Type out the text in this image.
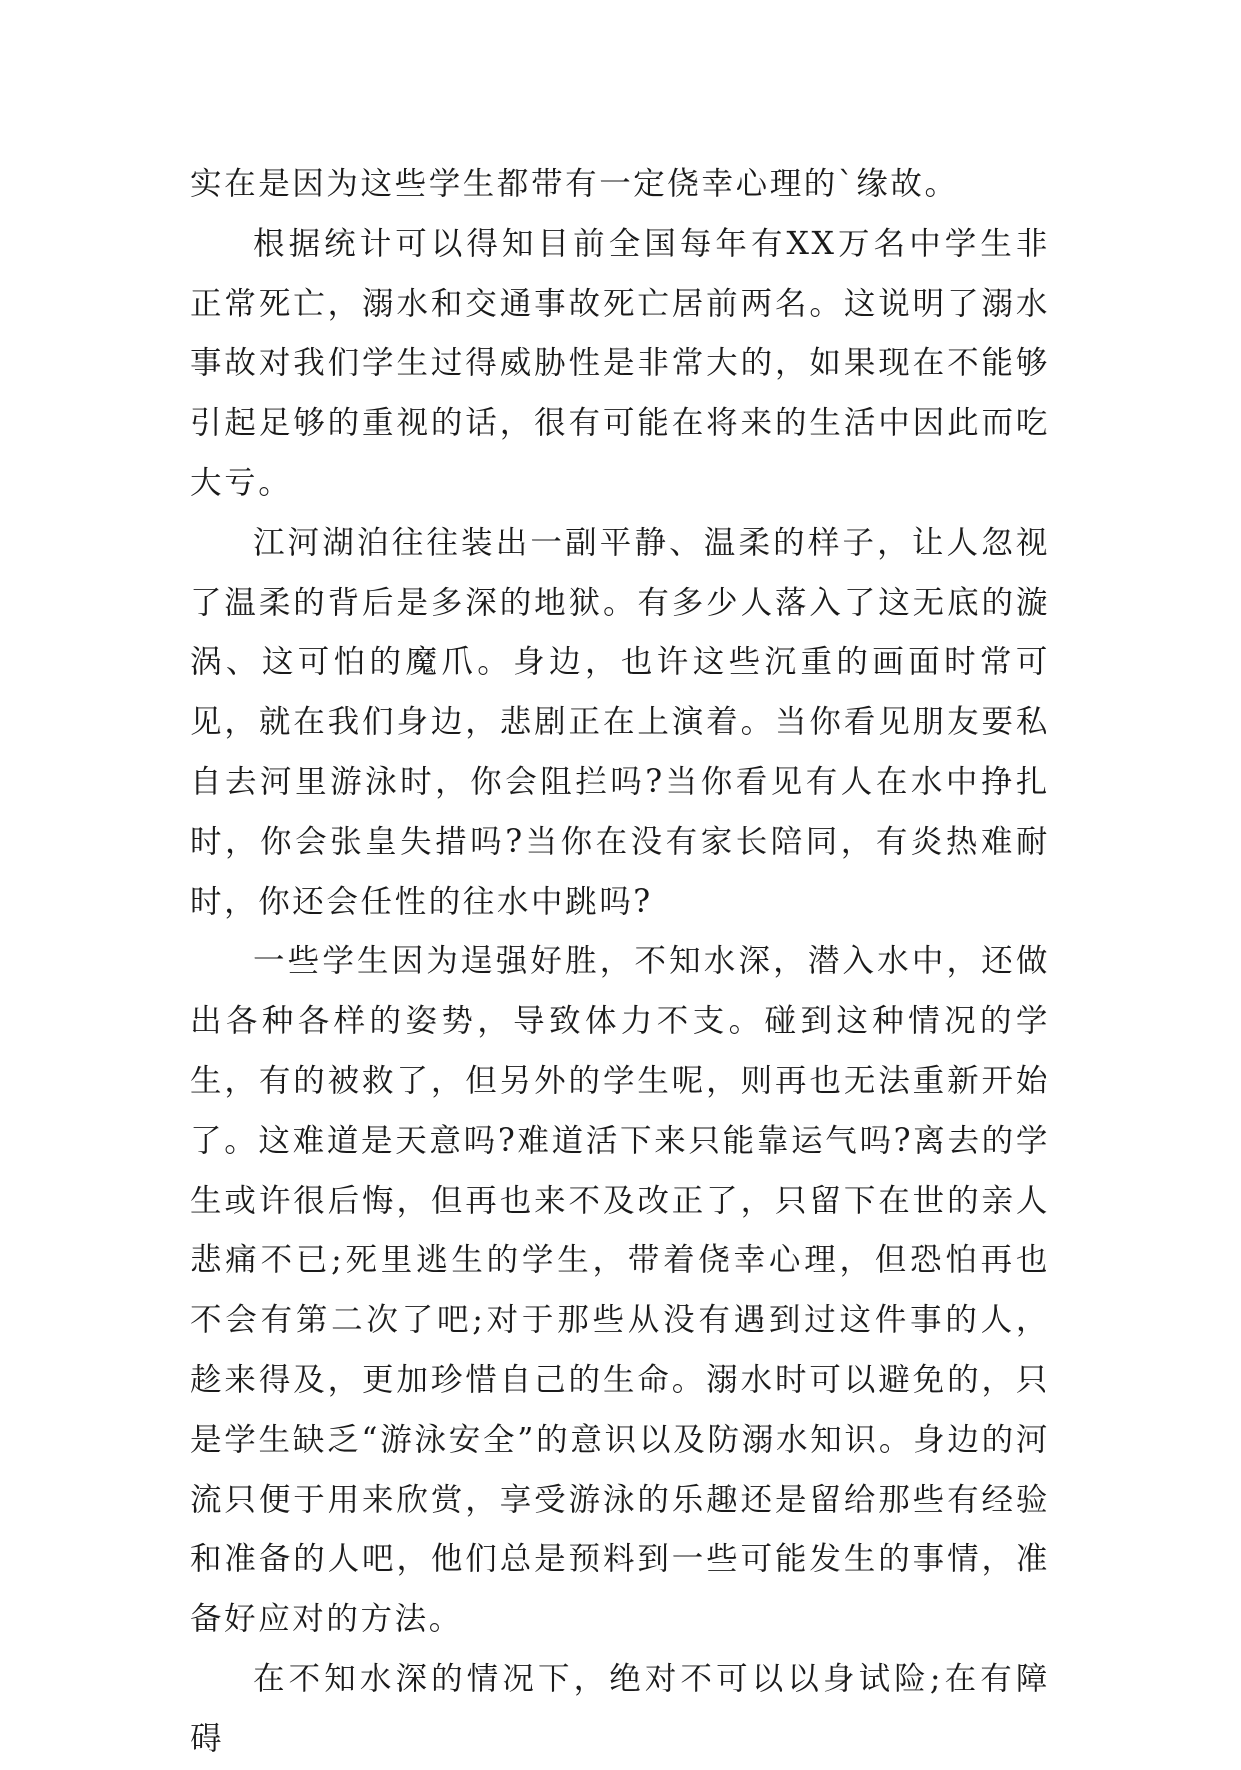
实在是因为这些学生都带有一定侥幸心理的`缘故。

根据统计可以得知目前全国每年有XX万名中学生非正常死亡，溺水和交通事故死亡居前两名。这说明了溺水事故对我们学生过得威胁性是非常大的，如果现在不能够引起足够的重视的话，很有可能在将来的生活中因此而吃大亏。

江河湖泊往往装出一副平静、温柔的样子，让人忽视了温柔的背后是多深的地狱。有多少人落入了这无底的漩涡、这可怕的魔爪。身边，也许这些沉重的画面时常可见，就在我们身边，悲剧正在上演着。当你看见朋友要私自去河里游泳时，你会阻拦吗?当你看见有人在水中挣扎时，你会张皇失措吗?当你在没有家长陪同，有炎热难耐时，你还会任性的往水中跳吗?

一些学生因为逞强好胜，不知水深，潜入水中，还做出各种各样的姿势，导致体力不支。碰到这种情况的学生，有的被救了，但另外的学生呢，则再也无法重新开始了。这难道是天意吗?难道活下来只能靠运气吗?离去的学生或许很后悔，但再也来不及改正了，只留下在世的亲人悲痛不已;死里逃生的学生，带着侥幸心理，但恐怕再也不会有第二次了吧;对于那些从没有遇到过这件事的人，趁来得及，更加珍惜自己的生命。溺水时可以避免的，只是学生缺乏“游泳安全”的意识以及防溺水知识。身边的河流只便于用来欣赏，享受游泳的乐趣还是留给那些有经验和准备的人吧，他们总是预料到一些可能发生的事情，准备好应对的方法。

在不知水深的情况下，绝对不可以以身试险;在有障碍
